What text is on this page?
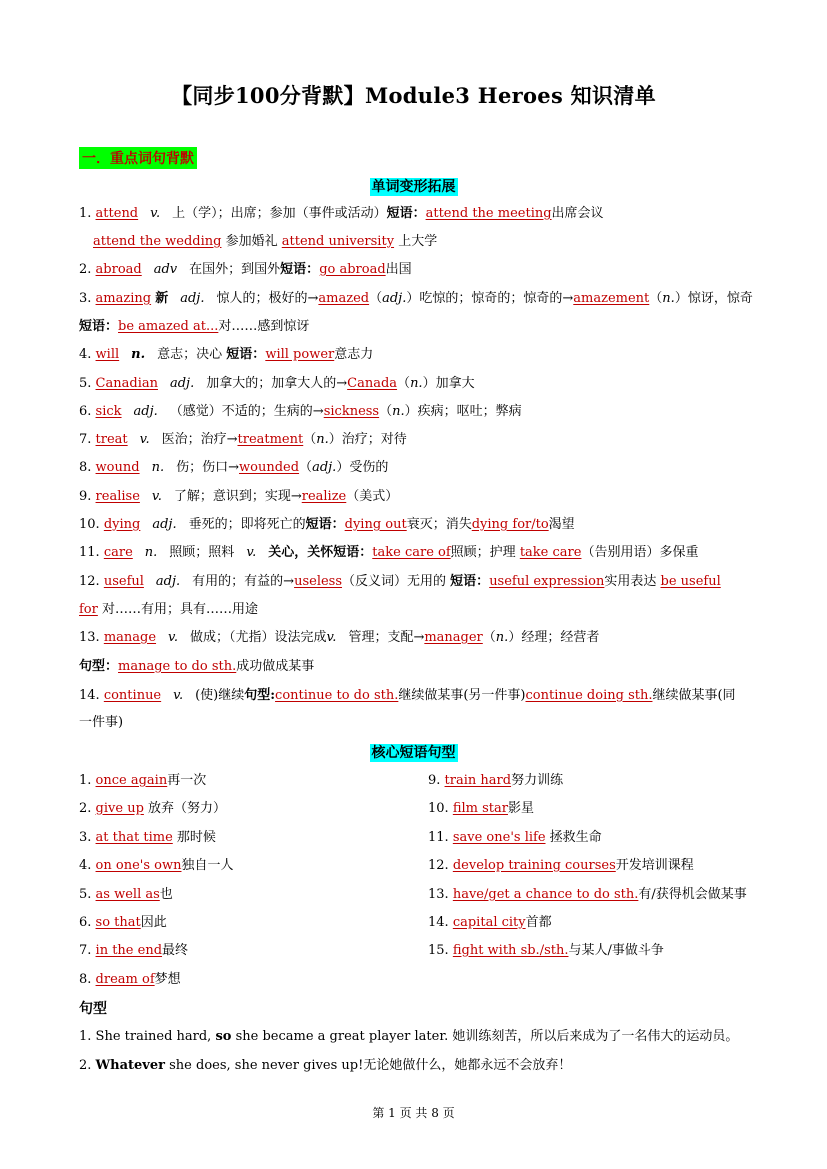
【同步100分背默】Module3 Heroes 知识清单
一．重点词句背默
单词变形拓展
1. attend v. 上（学）；出席；参加（事件或活动）短语：attend the meeting出席会议
attend the wedding 参加婚礼 attend university 上大学
2. abroad adv 在国外；到国外短语：go abroad出国
3. amazing 新 adj. 惊人的；极好的→amazed（adj.）吃惊的；惊奇的；惊奇的→amazement（n.）惊讶，惊奇
短语：be amazed at...对……感到惊讶
4. will n. 意志；决心 短语：will power意志力
5. Canadian adj. 加拿大的；加拿大人的→Canada（n.）加拿大
6. sick adj. （感觉）不适的；生病的→sickness（n.）疾病；呕吐；弊病
7. treat v. 医治；治疗→treatment（n.）治疗；对待
8. wound n. 伤；伤口→wounded（adj.）受伤的
9. realise v. 了解；意识到；实现→realize（美式）
10. dying adj. 垂死的；即将死亡的短语：dying out衰灭；消失dying for/to渴望
11. care n. 照顾；照料 v. 关心，关怀短语：take care of照顾；护理 take care（告别用语）多保重
12. useful adj. 有用的；有益的→useless（反义词）无用的 短语：useful expression实用表达 be useful
for 对……有用；具有……用途
13. manage v. 做成；（尤指）设法完成v. 管理；支配→manager（n.）经理；经营者
句型：manage to do sth.成功做成某事
14. continue v. (使)继续句型:continue to do sth.继续做某事(另一件事)continue doing sth.继续做某事(同
一件事)
核心短语句型
1. once again再一次
2. give up 放弃（努力）
3. at that time 那时候
4. on one's own独自一人
5. as well as也
6. so that因此
7. in the end最终
8. dream of梦想
9. train hard努力训练
10. film star影星
11. save one's life 拯救生命
12. develop training courses开发培训课程
13. have/get a chance to do sth.有/获得机会做某事
14. capital city首都
15. fight with sb./sth.与某人/事做斗争
句型
1. She trained hard, so she became a great player later. 她训练刻苦，所以后来成为了一名伟大的运动员。
2. Whatever she does, she never gives up!无论她做什么，她都永远不会放弃！
第 1 页 共 8 页
